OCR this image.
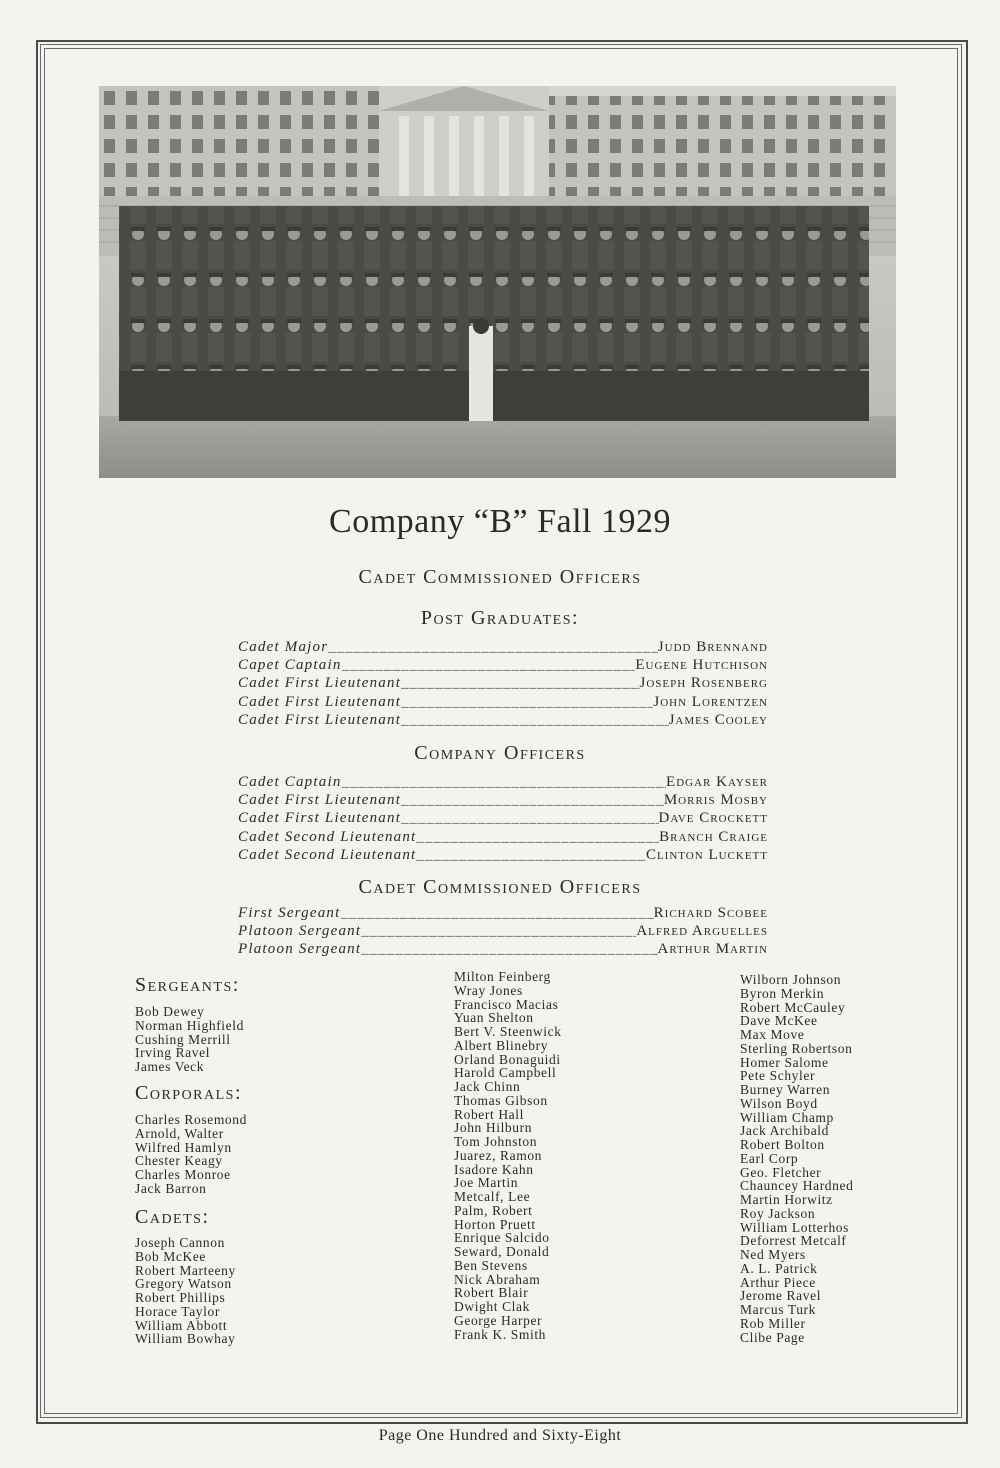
Company “B” Fall 1929
Cadet Commissioned Officers
Post Graduates:
Cadet Major _____	Judd Brennand
Capet Captain _____	Eugene Hutchison
Cadet First Lieutenant _____	Joseph Rosenberg
Cadet First Lieutenant _____	John Lorentzen
Cadet First Lieutenant _____	James Cooley
Company Officers
Cadet Captain _____	Edgar Kayser
Cadet First Lieutenant _____	Morris Mosby
Cadet First Lieutenant _____	Dave Crockett
Cadet Second Lieutenant _____	Branch Craige
Cadet Second Lieutenant _____	Clinton Luckett
Cadet Commissioned Officers
First Sergeant _____	Richard Scobee
Platoon Sergeant _____	Alfred Arguelles
Platoon Sergeant _____	Arthur Martin
Sergeants:
Bob Dewey
Norman Highfield
Cushing Merrill
Irving Ravel
James Veck
Corporals:
Charles Rosemond
Arnold, Walter
Wilfred Hamlyn
Chester Keagy
Charles Monroe
Jack Barron
Cadets:
Joseph Cannon
Bob McKee
Robert Marteeny
Gregory Watson
Robert Phillips
Horace Taylor
William Abbott
William Bowhay
Milton Feinberg
Wray Jones
Francisco Macias
Yuan Shelton
Bert V. Steenwick
Albert Blinebry
Orland Bonaguidi
Harold Campbell
Jack Chinn
Thomas Gibson
Robert Hall
John Hilburn
Tom Johnston
Juarez, Ramon
Isadore Kahn
Joe Martin
Metcalf, Lee
Palm, Robert
Horton Pruett
Enrique Salcido
Seward, Donald
Ben Stevens
Nick Abraham
Robert Blair
Dwight Clak
George Harper
Frank K. Smith
Wilborn Johnson
Byron Merkin
Robert McCauley
Dave McKee
Max Move
Sterling Robertson
Homer Salome
Pete Schyler
Burney Warren
Wilson Boyd
William Champ
Jack Archibald
Robert Bolton
Earl Corp
Geo. Fletcher
Chauncey Hardned
Martin Horwitz
Roy Jackson
William Lotterhos
Deforrest Metcalf
Ned Myers
A. L. Patrick
Arthur Piece
Jerome Ravel
Marcus Turk
Rob Miller
Clibe Page
Page One Hundred and Sixty-Eight
